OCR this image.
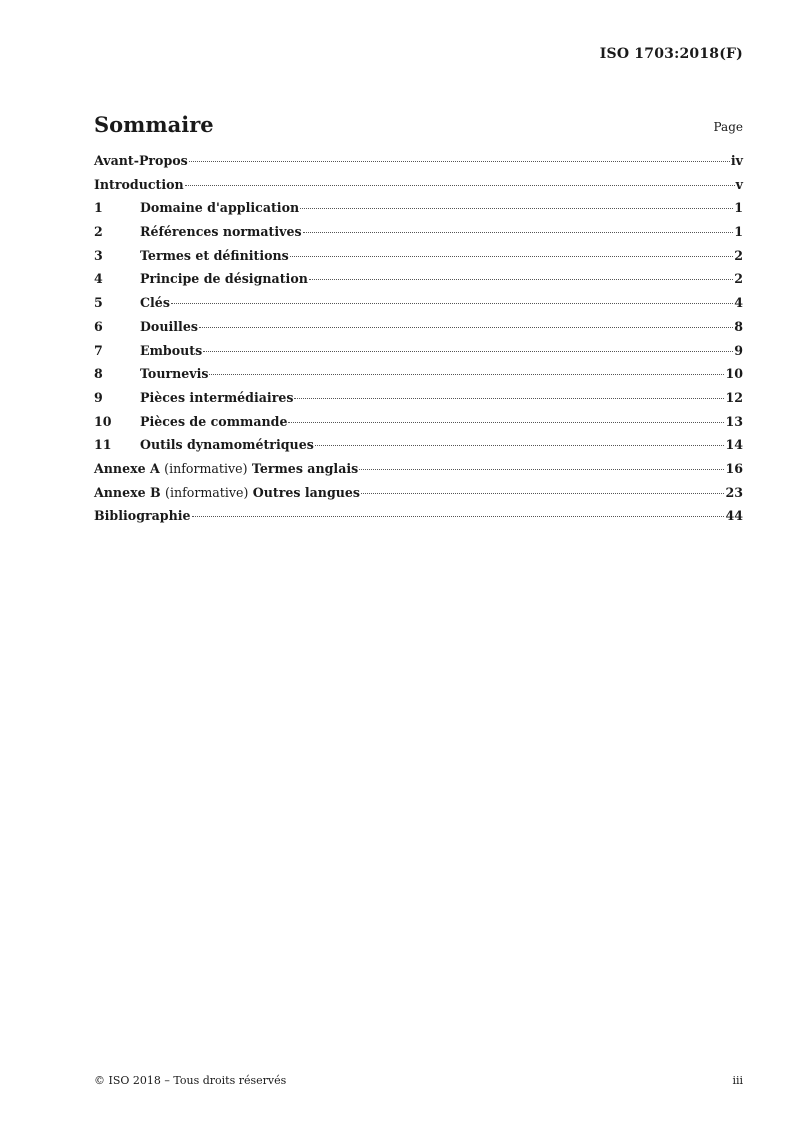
ISO 1703:2018(F)
Sommaire	Page
Avant-Propos	iv
Introduction	v
1	Domaine d'application	1
2	Références normatives	1
3	Termes et définitions	2
4	Principe de désignation	2
5	Clés	4
6	Douilles	8
7	Embouts	9
8	Tournevis	10
9	Pièces intermédiaires	12
10	Pièces de commande	13
11	Outils dynamométriques	14
Annexe A (informative) Termes anglais	16
Annexe B (informative) Outres langues	23
Bibliographie	44
© ISO 2018 – Tous droits réservés	iii
